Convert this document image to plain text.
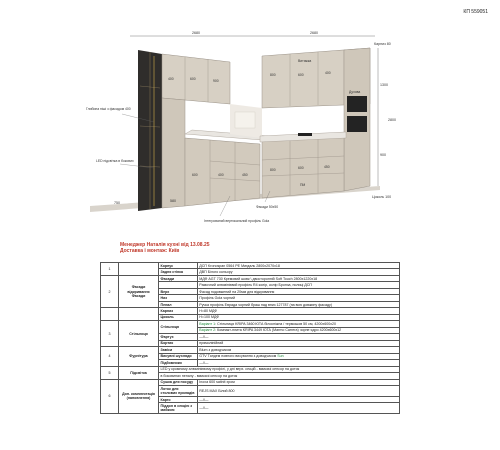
КП 559051
2680	2680
Карниз 80
1300
2800
900
Цоколь 100
750	580
Глибина ніші з фасадом 400
LED підсвітка в бокових
Інтегрований вертикальний профіль Gola
Фасади 50х50
400	600	900
800	600	400
600	400	450
800	600	450
ПМ
Духова
Витяжка
Менеджер Наталія кухні від 13.08.25
Доставка і монтаж: Київ
1		Корпус	ДСП Kronospan 0564 PE Мигдаль 2800х2070х18
		Задня стінка	ДВП Білого кольору
2	Фасади відкривання Фасади	Фасади	МДФ AGT 730 Кремовий шовк \ двосторонній Soft Touch 2800х1220х18
			Рамочний алюмінієвий профіль R4 колір, колір Бронза, полиці ДСП
		Верх	Фасад подовжений на 20мм для відкривання
		Низ	Профіль Gola чорний
		Пенал	Ручка профіль Еврада чорний браш над вниз 127787 (на всю довжину фасаду)
		Карниз	Н=80 МДФ
		Цоколь	Н=100 МДФ
3	Стільниця	Стільниця	Варіант 1: Стільниця KRIPA 3460 ЮТА білосніжна / термошов 50 см, 4200х600х20
			Варіант 2: Компакт-плита KRIPA 3449 ЮТА (Marmo Carrera) чорне ядро 4200х600х12
		Фартух	—//—
		Бортик	прямолінійний
4	Фурнітура	Завіси	Blum з доводчиком
		Висувні шухляди	GTV Тандем повного висування з доводчиком Sun
		Підйомники	—//—
5	Підсвітка	LED у кромному алюмінієвому профілі, у дні верх. секцій - вмикачі сенсор на дотик	
		в боковинах пеналу - вмикачі сенсор на дотик	
6	Доп. комплектація (наповнення)	Сушка для посуду	Inoxa 600 satinit хром
		Лоток для столових приладів	REJS MAX Білий 800
		Карго	—//—
		Піддон в секцію з мийкою	—//—
